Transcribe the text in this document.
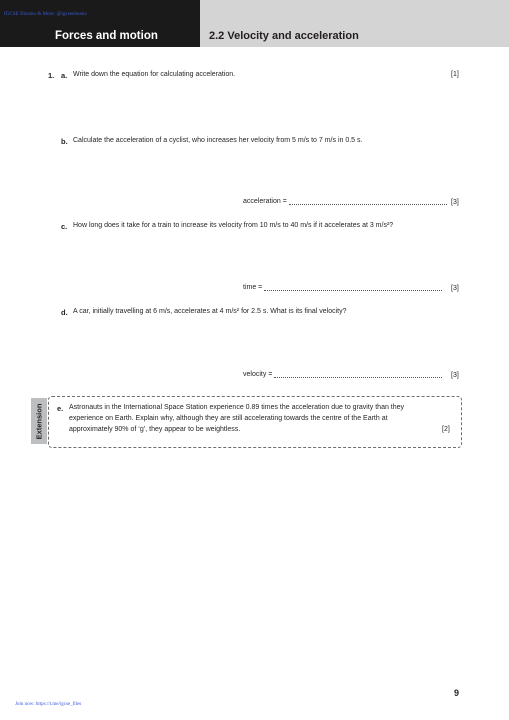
IGCSE Ebooks & More: @igcseebooks
Forces and motion	2.2 Velocity and acceleration
1. a. Write down the equation for calculating acceleration.	[1]
b. Calculate the acceleration of a cyclist, who increases her velocity from 5 m/s to 7 m/s in 0.5 s.
acceleration =	[3]
c. How long does it take for a train to increase its velocity from 10 m/s to 40 m/s if it accelerates at 3 m/s²?
time =	[3]
d. A car, initially travelling at 6 m/s, accelerates at 4 m/s² for 2.5 s. What is its final velocity?
velocity =	[3]
Extension e. Astronauts in the International Space Station experience 0.89 times the acceleration due to gravity than they
experience on Earth. Explain why, although they are still accelerating towards the centre of the Earth at
approximately 90% of ‘g’, they appear to be weightless.	[2]
9
Join now: https://t.me/igcse_files
